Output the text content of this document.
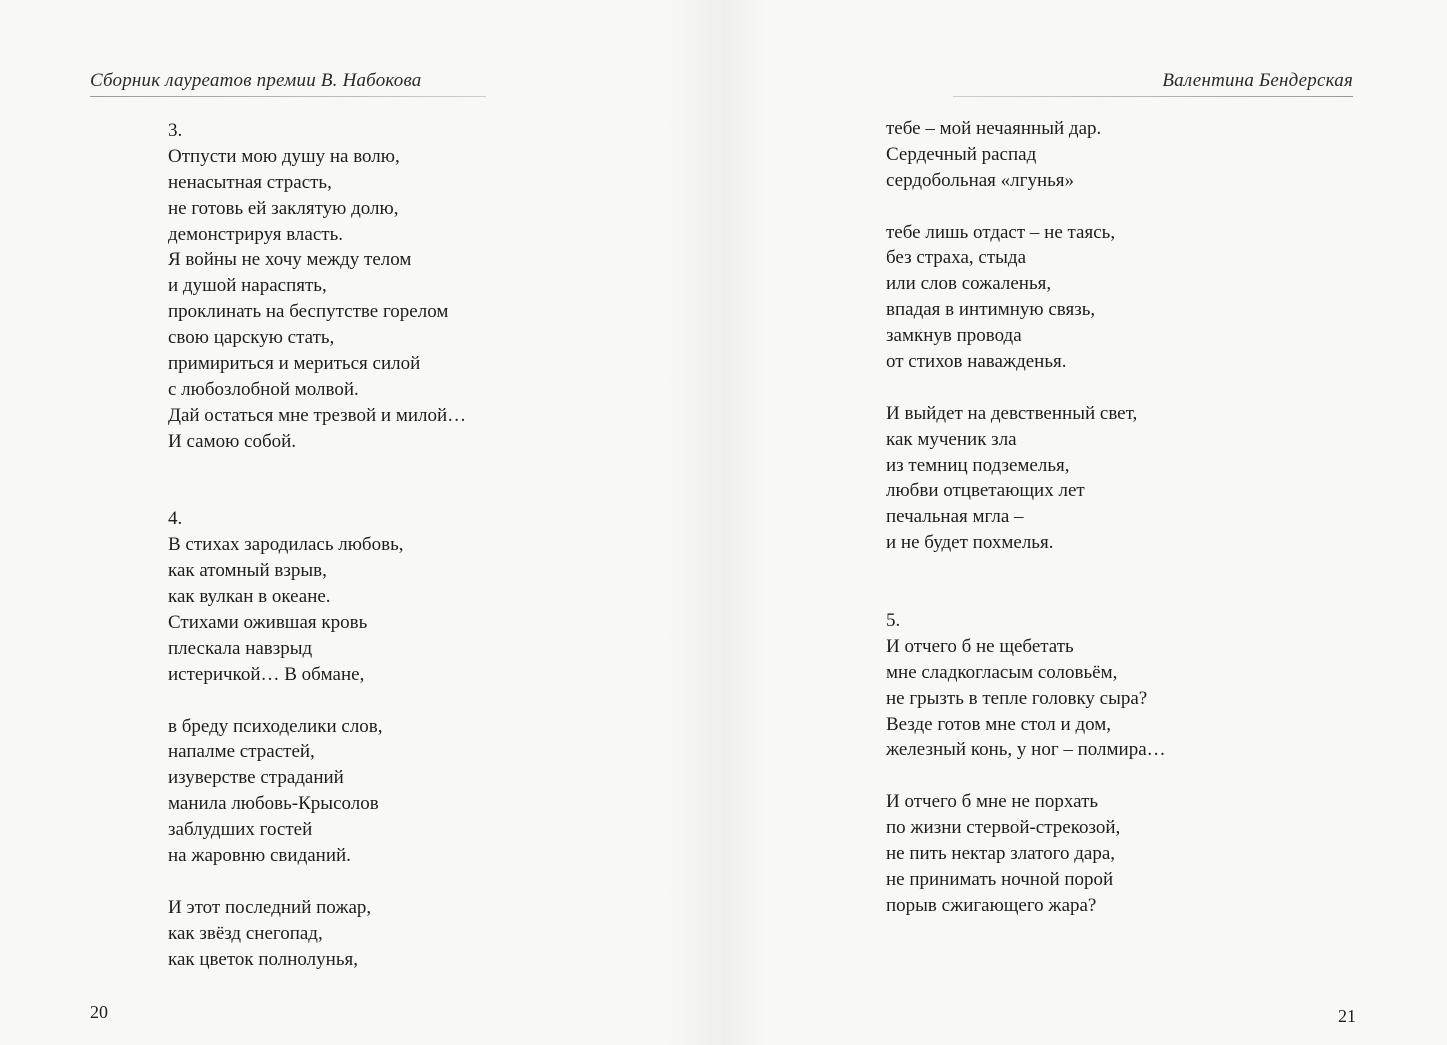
Сборник лауреатов премии В. Набокова
3.
Отпусти мою душу на волю,
ненасытная страсть,
не готовь ей заклятую долю,
демонстрируя власть.
Я войны не хочу между телом
и душой нараспять,
проклинать на беспутстве горелом
свою царскую стать,
примириться и мериться силой
с любозлобной молвой.
Дай остаться мне трезвой и милой…
И самою собой.
4.
В стихах зародилась любовь,
как атомный взрыв,
как вулкан в океане.
Стихами ожившая кровь
плескала навзрыд
истеричкой… В обмане,
в бреду психоделики слов,
напалме страстей,
изуверстве страданий
манила любовь-Крысолов
заблудших гостей
на жаровню свиданий.
И этот последний пожар,
как звёзд снегопад,
как цветок полнолунья,
20
Валентина Бендерская
тебе – мой нечаянный дар.
Сердечный распад
сердобольная «лгунья»
тебе лишь отдаст – не таясь,
без страха, стыда
или слов сожаленья,
впадая в интимную связь,
замкнув провода
от стихов наважденья.
И выйдет на девственный свет,
как мученик зла
из темниц подземелья,
любви отцветающих лет
печальная мгла –
и не будет похмелья.
5.
И отчего б не щебетать
мне сладкогласым соловьём,
не грызть в тепле головку сыра?
Везде готов мне стол и дом,
железный конь, у ног – полмира…
И отчего б мне не порхать
по жизни стервой-стрекозой,
не пить нектар златого дара,
не принимать ночной порой
порыв сжигающего жара?
21
